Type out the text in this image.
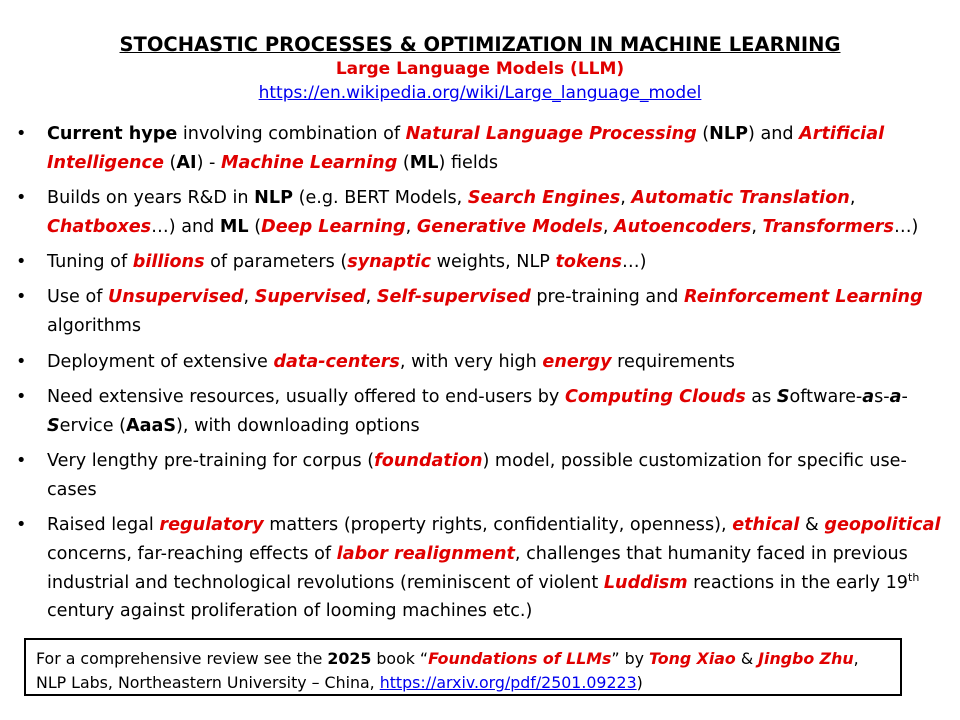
STOCHASTIC PROCESSES & OPTIMIZATION IN MACHINE LEARNING
Large Language Models (LLM)
https://en.wikipedia.org/wiki/Large_language_model
• Current hype involving combination of Natural Language Processing (NLP) and Artificial Intelligence (AI) - Machine Learning (ML) fields
• Builds on years R&D in NLP (e.g. BERT Models, Search Engines, Automatic Translation, Chatboxes…) and ML (Deep Learning, Generative Models, Autoencoders, Transformers…)
• Tuning of billions of parameters (synaptic weights, NLP tokens…)
• Use of Unsupervised, Supervised, Self-supervised pre-training and Reinforcement Learning algorithms
• Deployment of extensive data-centers, with very high energy requirements
• Need extensive resources, usually offered to end-users by Computing Clouds as Software-as-a-Service (AaaS), with downloading options
• Very lengthy pre-training for corpus (foundation) model, possible customization for specific use-cases
• Raised legal regulatory matters (property rights, confidentiality, openness), ethical & geopolitical concerns, far-reaching effects of labor realignment, challenges that humanity faced in previous industrial and technological revolutions (reminiscent of violent Luddism reactions in the early 19th century against proliferation of looming machines etc.)
For a comprehensive review see the 2025 book “Foundations of LLMs” by Tong Xiao & Jingbo Zhu,
NLP Labs, Northeastern University – China, https://arxiv.org/pdf/2501.09223)
